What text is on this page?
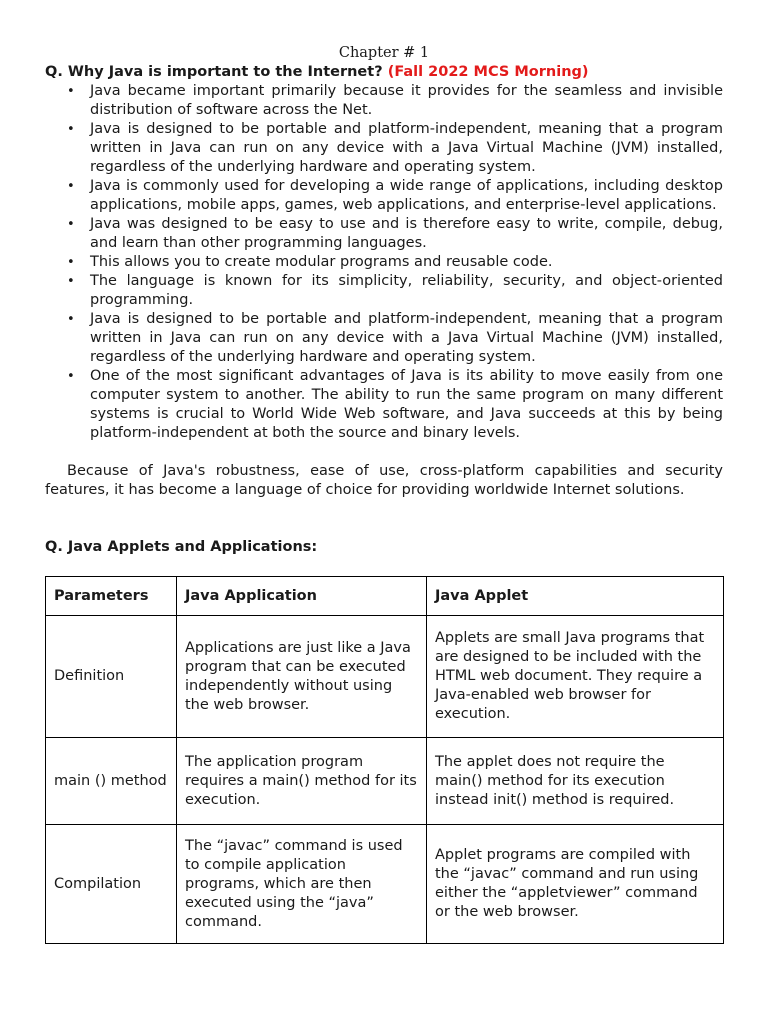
Chapter # 1

Q. Why Java is important to the Internet? (Fall 2022 MCS Morning)

• Java became important primarily because it provides for the seamless and invisible distribution of software across the Net.
• Java is designed to be portable and platform-independent, meaning that a program written in Java can run on any device with a Java Virtual Machine (JVM) installed, regardless of the underlying hardware and operating system.
• Java is commonly used for developing a wide range of applications, including desktop applications, mobile apps, games, web applications, and enterprise-level applications.
• Java was designed to be easy to use and is therefore easy to write, compile, debug, and learn than other programming languages.
• This allows you to create modular programs and reusable code.
• The language is known for its simplicity, reliability, security, and object-oriented programming.
• Java is designed to be portable and platform-independent, meaning that a program written in Java can run on any device with a Java Virtual Machine (JVM) installed, regardless of the underlying hardware and operating system.
• One of the most significant advantages of Java is its ability to move easily from one computer system to another. The ability to run the same program on many different systems is crucial to World Wide Web software, and Java succeeds at this by being platform-independent at both the source and binary levels.

Because of Java's robustness, ease of use, cross-platform capabilities and security features, it has become a language of choice for providing worldwide Internet solutions.

Q. Java Applets and Applications:

Parameters	Java Application	Java Applet
Definition	Applications are just like a Java program that can be executed independently without using the web browser.	Applets are small Java programs that are designed to be included with the HTML web document. They require a Java-enabled web browser for execution.
main () method	The application program requires a main() method for its execution.	The applet does not require the main() method for its execution instead init() method is required.
Compilation	The “javac” command is used to compile application programs, which are then executed using the “java” command.	Applet programs are compiled with the “javac” command and run using either the “appletviewer” command or the web browser.
